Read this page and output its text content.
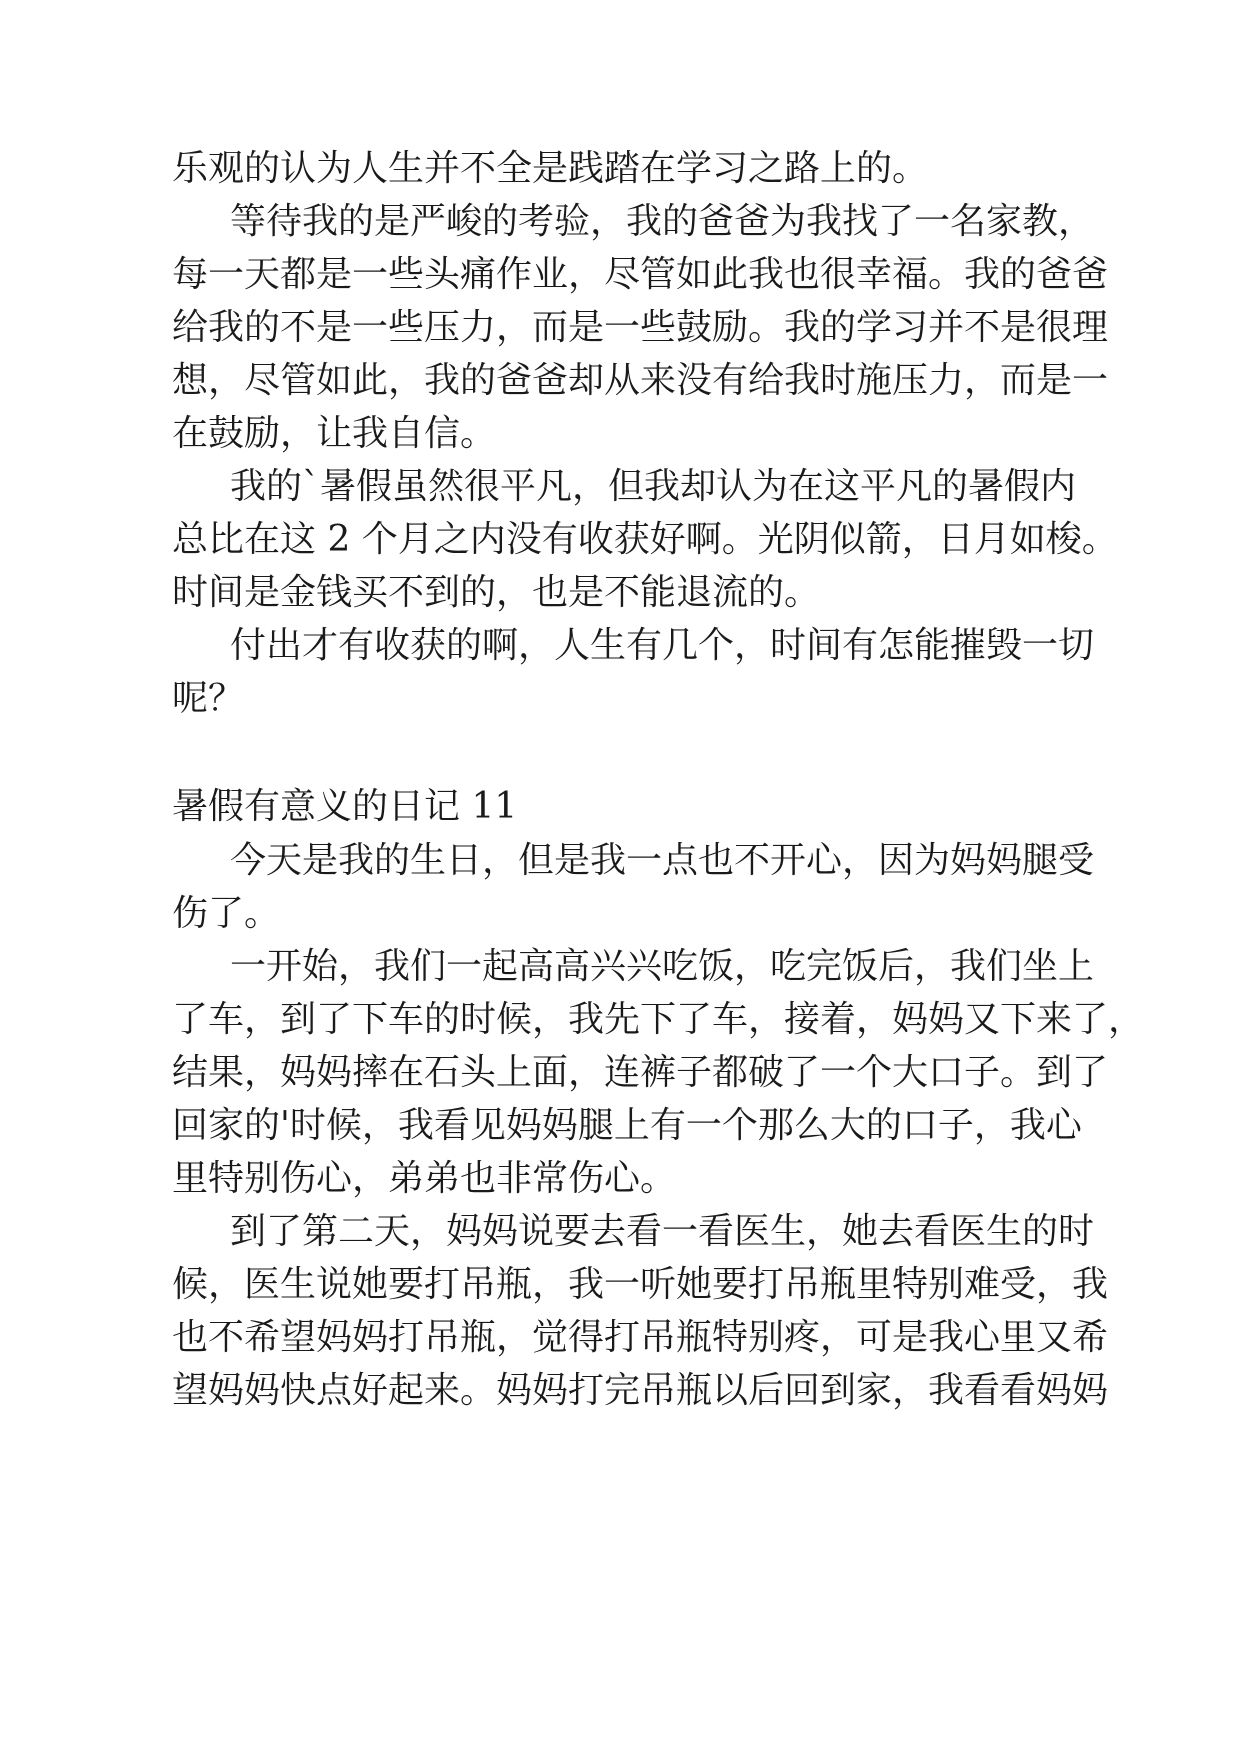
乐观的认为人生并不全是践踏在学习之路上的。

等待我的是严峻的考验，我的爸爸为我找了一名家教，

每一天都是一些头痛作业，尽管如此我也很幸福。我的爸爸

给我的不是一些压力，而是一些鼓励。我的学习并不是很理

想，尽管如此，我的爸爸却从来没有给我时施压力，而是一

在鼓励，让我自信。

我的`暑假虽然很平凡，但我却认为在这平凡的暑假内

总比在这 2 个月之内没有收获好啊。光阴似箭，日月如梭。

时间是金钱买不到的，也是不能退流的。

付出才有收获的啊，人生有几个，时间有怎能摧毁一切

呢？

暑假有意义的日记 11

今天是我的生日，但是我一点也不开心，因为妈妈腿受

伤了。

一开始，我们一起高高兴兴吃饭，吃完饭后，我们坐上

了车，到了下车的时候，我先下了车，接着，妈妈又下来了，

结果，妈妈摔在石头上面，连裤子都破了一个大口子。到了

回家的'时候，我看见妈妈腿上有一个那么大的口子，我心

里特别伤心，弟弟也非常伤心。

到了第二天，妈妈说要去看一看医生，她去看医生的时

候，医生说她要打吊瓶，我一听她要打吊瓶里特别难受，我

也不希望妈妈打吊瓶，觉得打吊瓶特别疼，可是我心里又希

望妈妈快点好起来。妈妈打完吊瓶以后回到家，我看看妈妈
